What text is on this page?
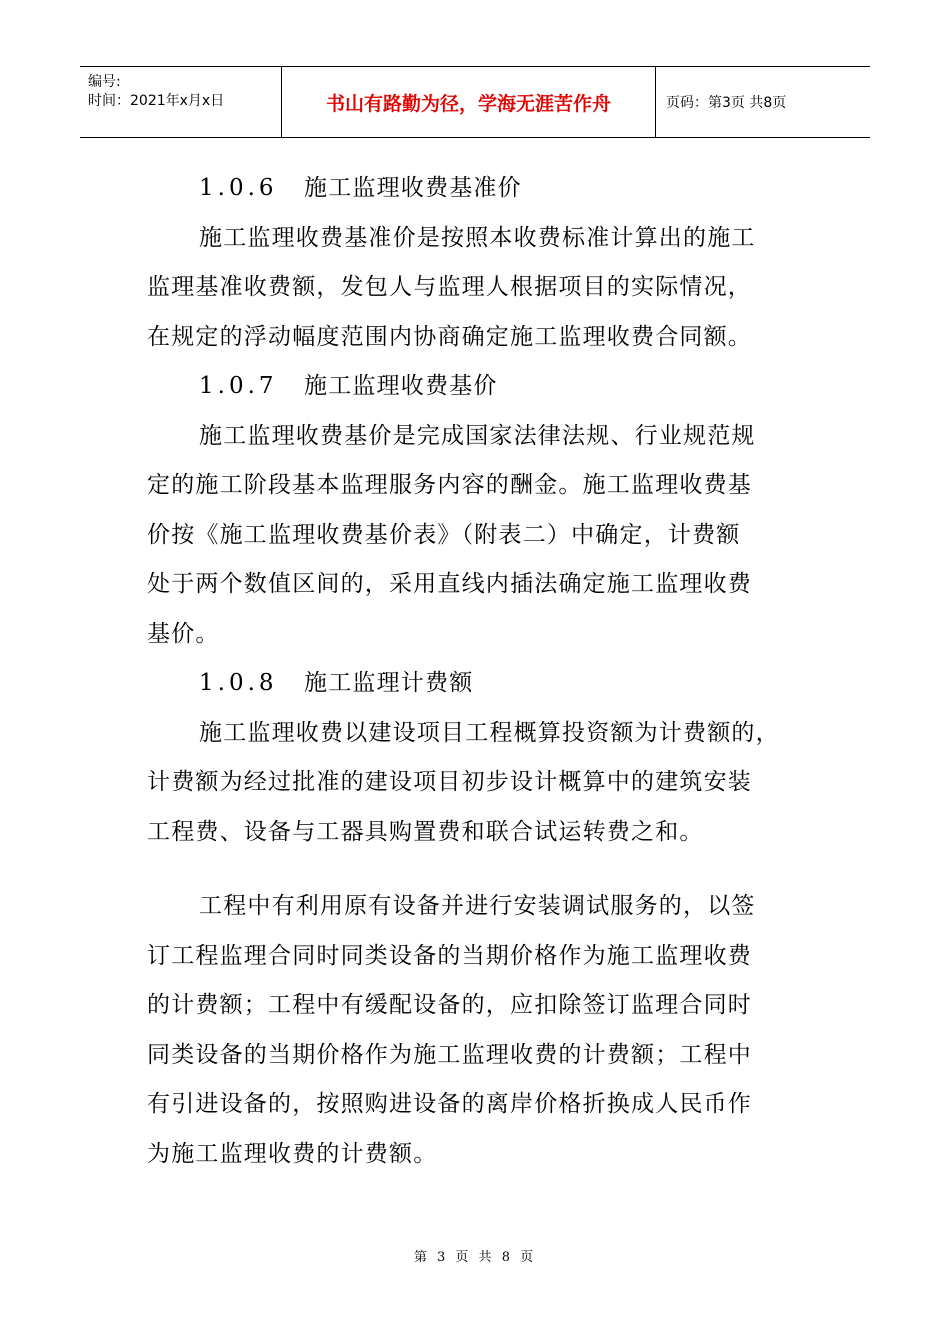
编号:
时间：2021年x月x日	书山有路勤为径，学海无涯苦作舟	页码：第3页 共8页
1.0.6 施工监理收费基准价
施工监理收费基准价是按照本收费标准计算出的施工
监理基准收费额，发包人与监理人根据项目的实际情况，
在规定的浮动幅度范围内协商确定施工监理收费合同额。
1.0.7 施工监理收费基价
施工监理收费基价是完成国家法律法规、行业规范规
定的施工阶段基本监理服务内容的酬金。施工监理收费基
价按《施工监理收费基价表》（附表二）中确定，计费额
处于两个数值区间的，采用直线内插法确定施工监理收费
基价。
1.0.8 施工监理计费额
施工监理收费以建设项目工程概算投资额为计费额的，
计费额为经过批准的建设项目初步设计概算中的建筑安装
工程费、设备与工器具购置费和联合试运转费之和。
工程中有利用原有设备并进行安装调试服务的，以签
订工程监理合同时同类设备的当期价格作为施工监理收费
的计费额；工程中有缓配设备的，应扣除签订监理合同时
同类设备的当期价格作为施工监理收费的计费额；工程中
有引进设备的，按照购进设备的离岸价格折换成人民币作
为施工监理收费的计费额。
第 3 页 共 8 页
